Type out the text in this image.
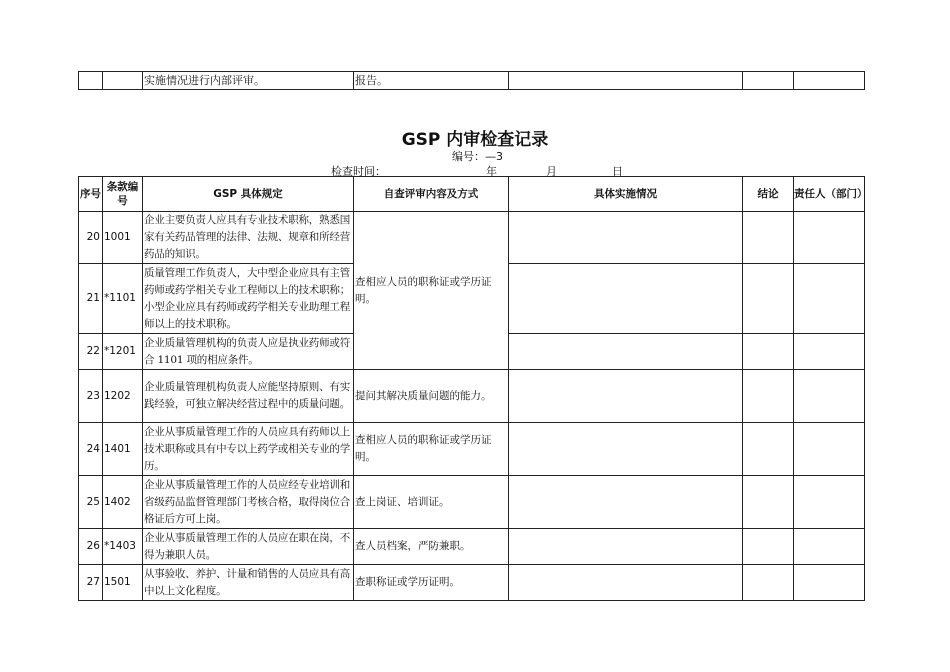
		实施情况进行内部评审。	报告。			
GSP 内审检查记录
编号：—3
检查时间：	年	月	日
序号	条款编号	GSP 具体规定	自查评审内容及方式	具体实施情况	结论	责任人（部门）
20	1001	企业主要负责人应具有专业技术职称，熟悉国家有关药品管理的法律、法规、规章和所经营药品的知识。	查相应人员的职称证或学历证明。			
21	*1101	质量管理工作负责人，大中型企业应具有主管药师或药学相关专业工程师以上的技术职称；小型企业应具有药师或药学相关专业助理工程师以上的技术职称。				
22	*1201	企业质量管理机构的负责人应是执业药师或符合 1101 项的相应条件。				
23	1202	企业质量管理机构负责人应能坚持原则、有实践经验，可独立解决经营过程中的质量问题。	提问其解决质量问题的能力。			
24	1401	企业从事质量管理工作的人员应具有药师以上技术职称或具有中专以上药学或相关专业的学历。	查相应人员的职称证或学历证明。			
25	1402	企业从事质量管理工作的人员应经专业培训和省级药品监督管理部门考核合格，取得岗位合格证后方可上岗。	查上岗证、培训证。			
26	*1403	企业从事质量管理工作的人员应在职在岗，不得为兼职人员。	查人员档案，严防兼职。			
27	1501	从事验收、养护、计量和销售的人员应具有高中以上文化程度。	查职称证或学历证明。			
